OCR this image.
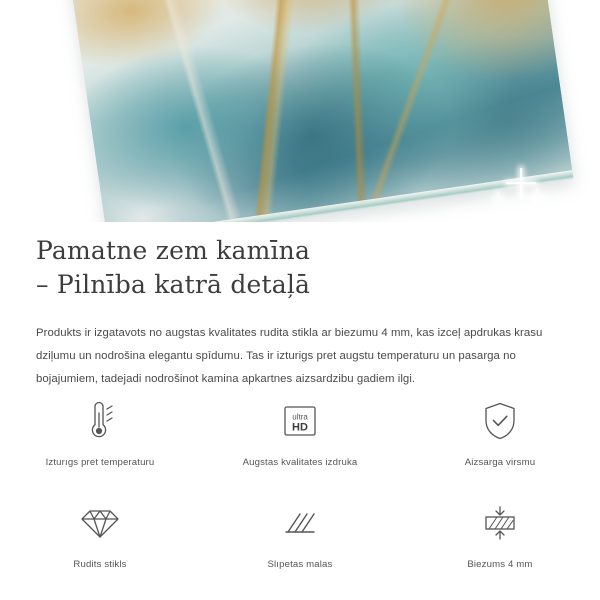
Pamatne zem kamīna
– Pilnība katrā detaļā

Produkts ir izgatavots no augstas kvalitates rudita stikla ar biezumu 4 mm, kas izceļ apdrukas krasu dziļumu un nodrošina elegantu spīdumu. Tas ir izturigs pret augstu temperaturu un pasarga no bojajumiem, tadejadi nodrošinot kamina apkartnes aizsardzibu gadiem ilgi.

Izturıgs pret temperaturu
ultra
HD
Augstas kvalitates izdruka	Aizsarga virsmu
Rudits stikls	Slıpetas malas	Biezums 4 mm
